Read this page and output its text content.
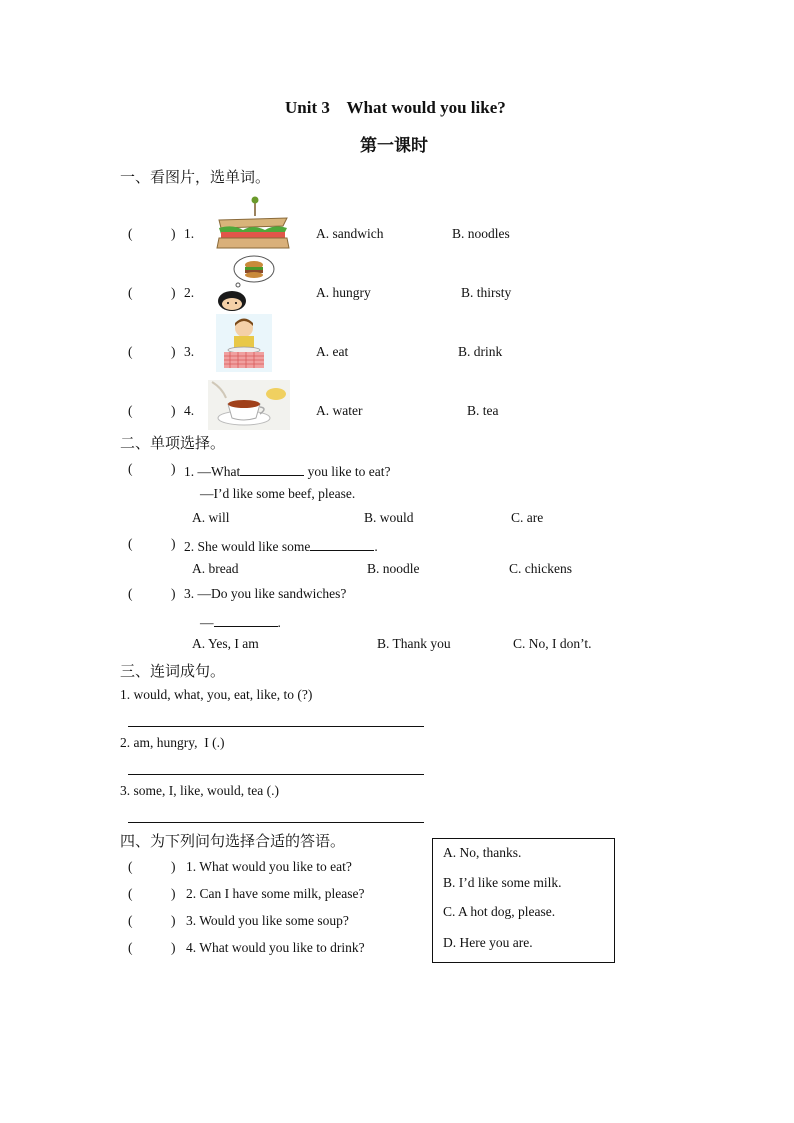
Unit 3    What would you like?
第一课时
一、看图片，选单词。
(	) 1.	A. sandwich	B. noodles
(	) 2.	A. hungry	B. thirsty
(	) 3.	A. eat	B. drink
(	) 4.	A. water	B. tea
二、单项选择。
(	) 1. —What	you like to eat?
—I’d like some beef, please.
A. will	B. would	C. are
(	) 2. She would like some	.
A. bread	B. noodle	C. chickens
(	) 3. —Do you like sandwiches?
—	.
A. Yes, I am	B. Thank you	C. No, I don’t.
三、连词成句。
1. would, what, you, eat, like, to (?)
2. am, hungry,  I (.)
3. some, I, like, would, tea (.)
四、为下列问句选择合适的答语。
(	) 1. What would you like to eat?
(	) 2. Can I have some milk, please?
(	) 3. Would you like some soup?
(	) 4. What would you like to drink?
A. No, thanks.
B. I’d like some milk.
C. A hot dog, please.
D. Here you are.
